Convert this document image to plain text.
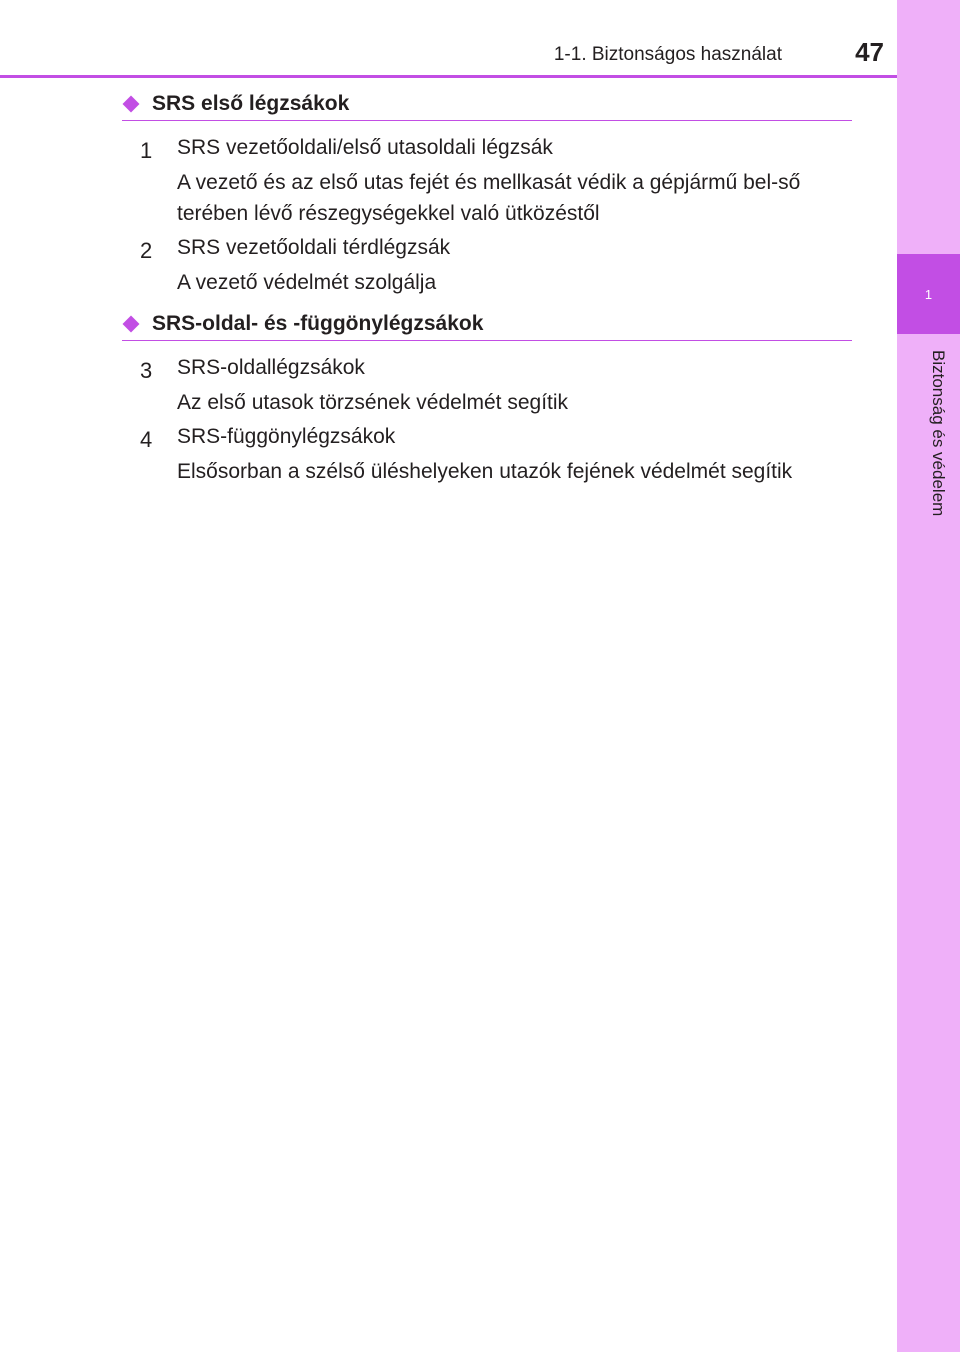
1
Biztonság és védelem
1-1. Biztonságos használat	47
SRS első légzsákok
1	SRS vezetőoldali/első utasoldali légzsák
A vezető és az első utas fejét és mellkasát védik a gépjármű bel-ső terében lévő részegységekkel való ütközéstől
2	SRS vezetőoldali térdlégzsák
A vezető védelmét szolgálja
SRS-oldal- és -függönylégzsákok
3	SRS-oldallégzsákok
Az első utasok törzsének védelmét segítik
4	SRS-függönylégzsákok
Elsősorban a szélső üléshelyeken utazók fejének védelmét segítik
